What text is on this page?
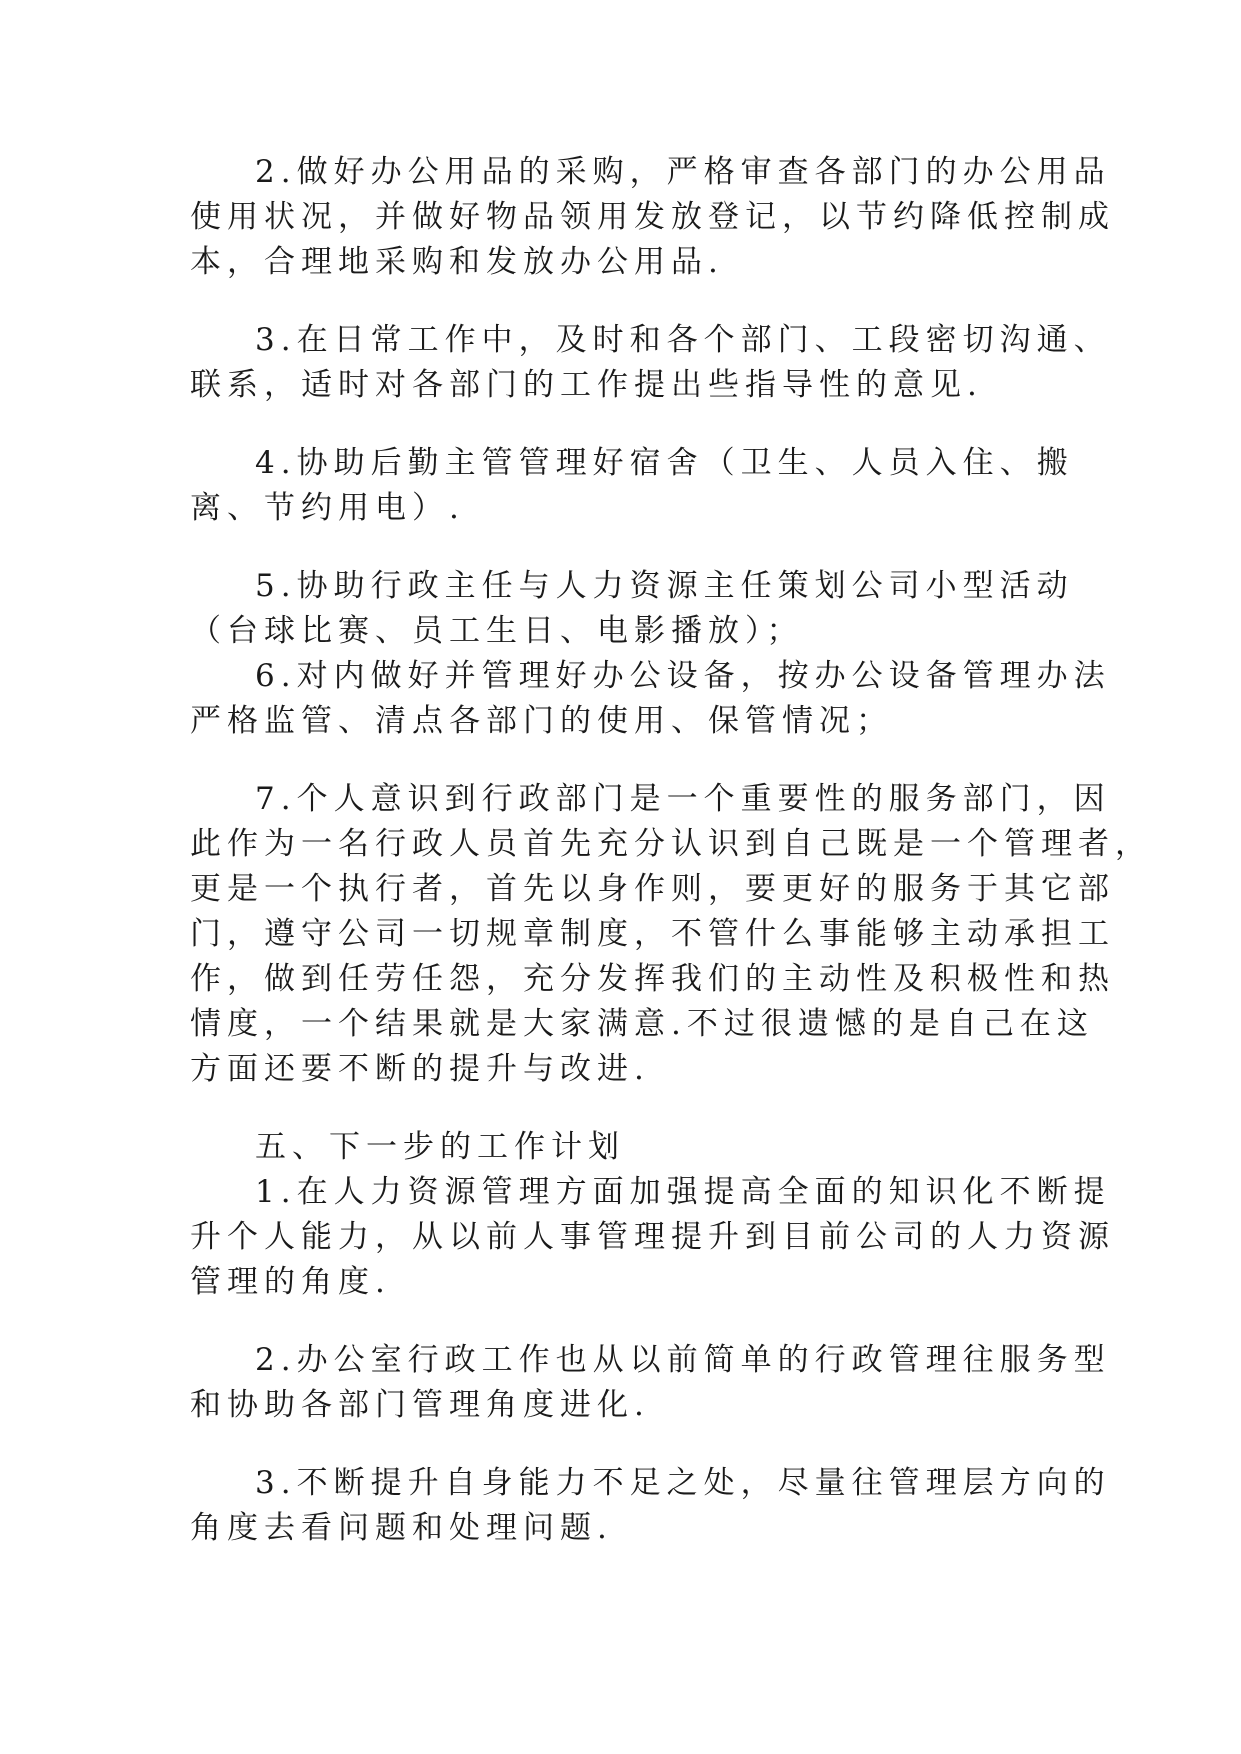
2.做好办公用品的采购，严格审查各部门的办公用品
使用状况，并做好物品领用发放登记，以节约降低控制成
本，合理地采购和发放办公用品.
3.在日常工作中，及时和各个部门、工段密切沟通、
联系，适时对各部门的工作提出些指导性的意见.
4.协助后勤主管管理好宿舍（卫生、人员入住、搬
离、节约用电）.
5.协助行政主任与人力资源主任策划公司小型活动
（台球比赛、员工生日、电影播放）；
6.对内做好并管理好办公设备，按办公设备管理办法
严格监管、清点各部门的使用、保管情况；
7.个人意识到行政部门是一个重要性的服务部门，因
此作为一名行政人员首先充分认识到自己既是一个管理者，
更是一个执行者，首先以身作则，要更好的服务于其它部
门，遵守公司一切规章制度，不管什么事能够主动承担工
作，做到任劳任怨，充分发挥我们的主动性及积极性和热
情度，一个结果就是大家满意.不过很遗憾的是自己在这
方面还要不断的提升与改进.
五、下一步的工作计划
1.在人力资源管理方面加强提高全面的知识化不断提
升个人能力，从以前人事管理提升到目前公司的人力资源
管理的角度.
2.办公室行政工作也从以前简单的行政管理往服务型
和协助各部门管理角度进化.
3.不断提升自身能力不足之处，尽量往管理层方向的
角度去看问题和处理问题.
